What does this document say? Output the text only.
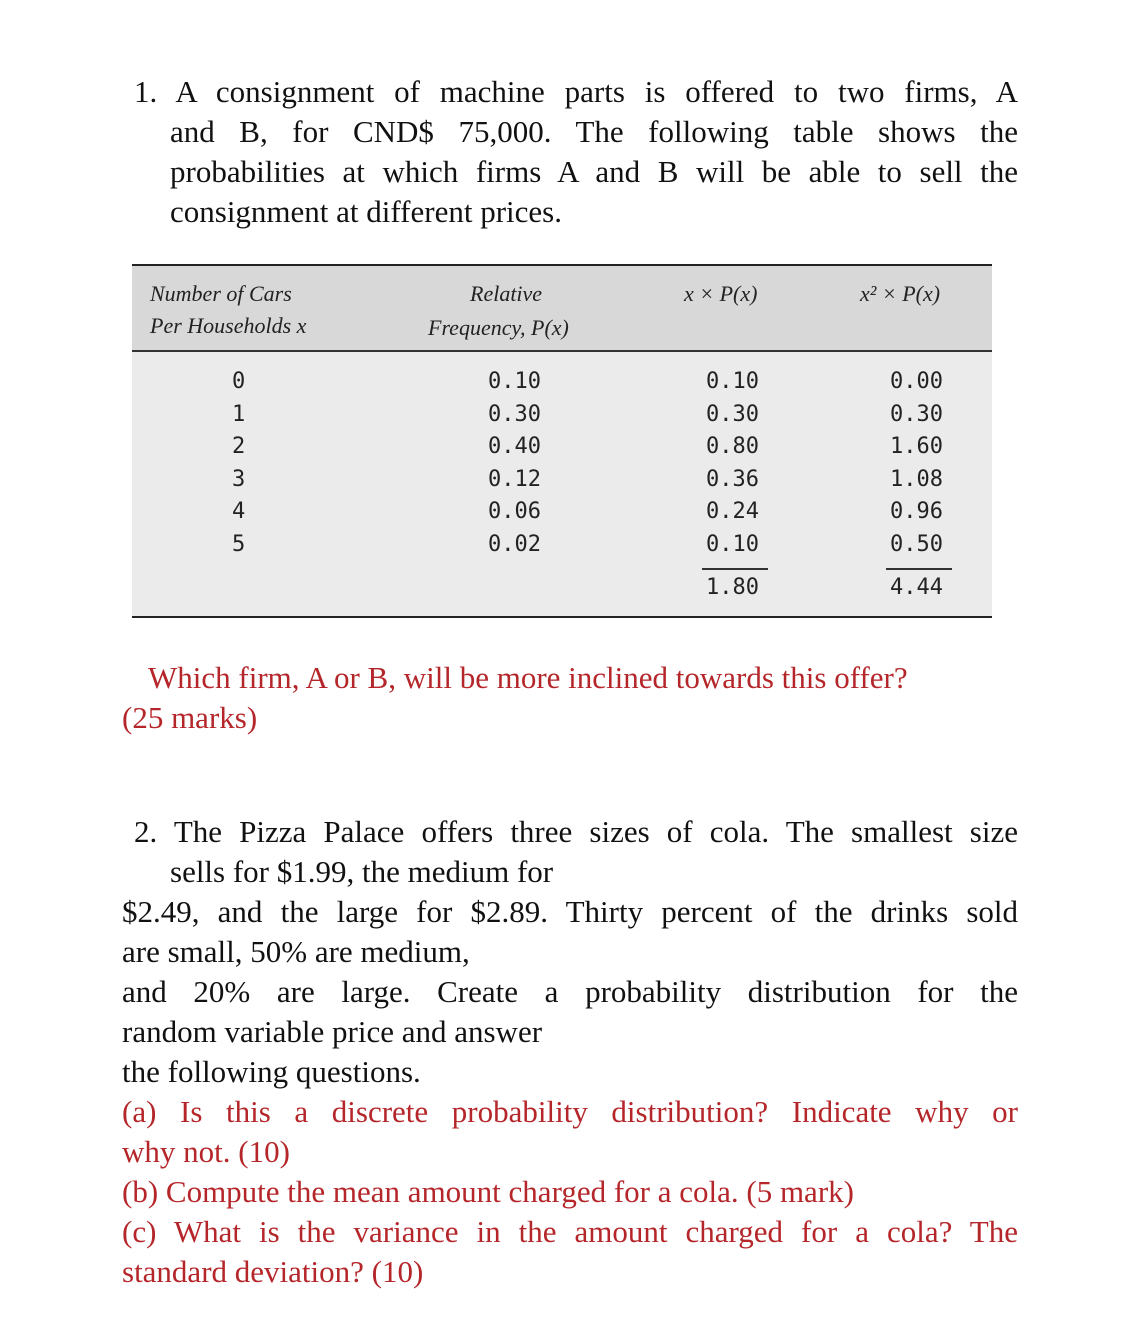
1. A consignment of machine parts is offered to two firms, A
and B, for CND$ 75,000. The following table shows the
probabilities at which firms A and B will be able to sell the
consignment at different prices.
Number of Cars
Per Households x
Relative
Frequency, P(x)
x × P(x)	x² × P(x)
0
1
2
3
4
5
0.10
0.30
0.40
0.12
0.06
0.02
0.10
0.30
0.80
0.36
0.24
0.10
0.00
0.30
1.60
1.08
0.96
0.50
1.80	4.44
Which firm, A or B, will be more inclined towards this offer?
(25 marks)
2. The Pizza Palace offers three sizes of cola. The smallest size
sells for $1.99, the medium for
$2.49, and the large for $2.89. Thirty percent of the drinks sold
are small, 50% are medium,
and 20% are large. Create a probability distribution for the
random variable price and answer
the following questions.
(a) Is this a discrete probability distribution? Indicate why or
why not. (10)
(b) Compute the mean amount charged for a cola. (5 mark)
(c) What is the variance in the amount charged for a cola? The
standard deviation? (10)
